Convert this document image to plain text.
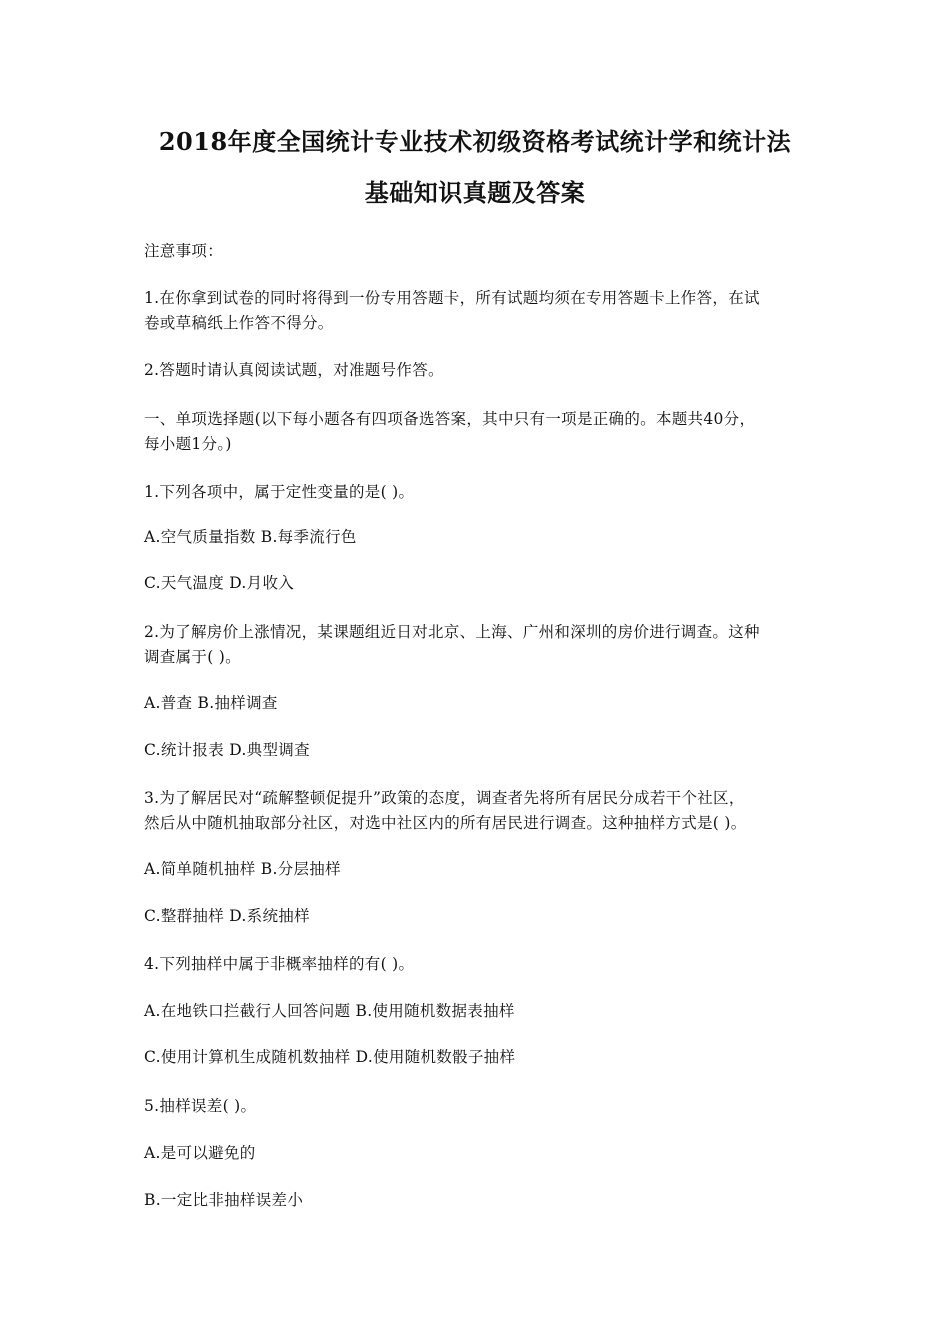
2018年度全国统计专业技术初级资格考试统计学和统计法
基础知识真题及答案
注意事项：
1.在你拿到试卷的同时将得到一份专用答题卡，所有试题均须在专用答题卡上作答，在试
卷或草稿纸上作答不得分。
2.答题时请认真阅读试题，对准题号作答。
一、单项选择题(以下每小题各有四项备选答案，其中只有一项是正确的。本题共40分，
每小题1分。)
1.下列各项中，属于定性变量的是( )。
A.空气质量指数 B.每季流行色
C.天气温度 D.月收入
2.为了解房价上涨情况，某课题组近日对北京、上海、广州和深圳的房价进行调查。这种
调查属于( )。
A.普查 B.抽样调查
C.统计报表 D.典型调查
3.为了解居民对“疏解整顿促提升”政策的态度，调查者先将所有居民分成若干个社区，
然后从中随机抽取部分社区，对选中社区内的所有居民进行调查。这种抽样方式是( )。
A.简单随机抽样 B.分层抽样
C.整群抽样 D.系统抽样
4.下列抽样中属于非概率抽样的有( )。
A.在地铁口拦截行人回答问题 B.使用随机数据表抽样
C.使用计算机生成随机数抽样 D.使用随机数骰子抽样
5.抽样误差( )。
A.是可以避免的
B.一定比非抽样误差小
